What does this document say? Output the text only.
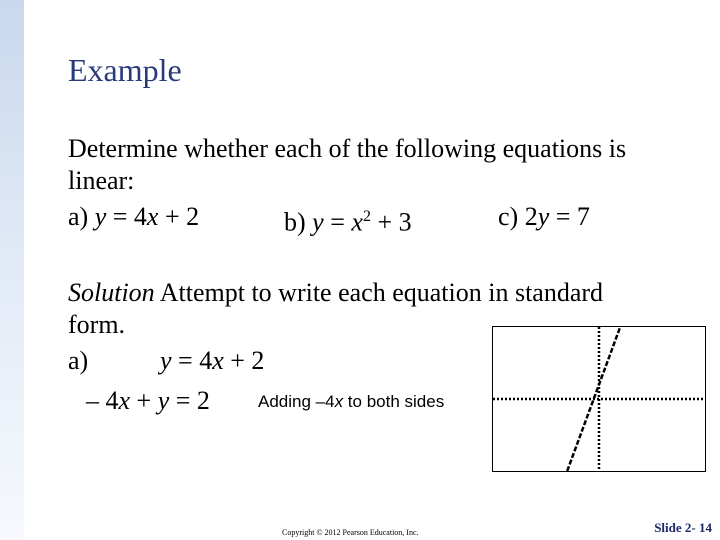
Example
Determine whether each of the following equations is
linear:
a) y = 4x + 2	b) $y = x^2 + 3$	c) 2y = 7
Solution Attempt to write each equation in standard
form.
a)	y = 4x + 2
– 4x + y = 2	Adding –4x to both sides
Copyright © 2012 Pearson Education, Inc.	Slide 2- 14
